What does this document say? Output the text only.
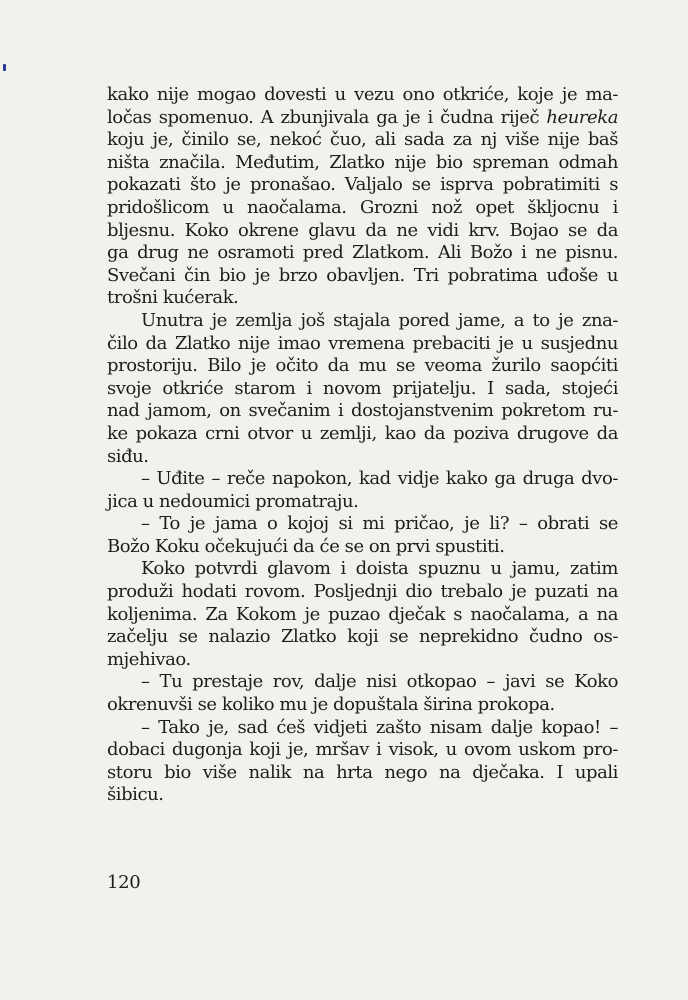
kako nije mogao dovesti u vezu ono otkriće, koje je ma-
ločas spomenuo. A zbunjivala ga je i čudna riječ heureka
koju je, činilo se, nekoć čuo, ali sada za nj više nije baš
ništa značila. Međutim, Zlatko nije bio spreman odmah
pokazati što je pronašao. Valjalo se isprva pobratimiti s
pridošlicom u naočalama. Grozni nož opet škljocnu i
bljesnu. Koko okrene glavu da ne vidi krv. Bojao se da
ga drug ne osramoti pred Zlatkom. Ali Božo i ne pisnu.
Svečani čin bio je brzo obavljen. Tri pobratima uđoše u
trošni kućerak.
Unutra je zemlja još stajala pored jame, a to je zna-
čilo da Zlatko nije imao vremena prebaciti je u susjednu
prostoriju. Bilo je očito da mu se veoma žurilo saopćiti
svoje otkriće starom i novom prijatelju. I sada, stojeći
nad jamom, on svečanim i dostojanstvenim pokretom ru-
ke pokaza crni otvor u zemlji, kao da poziva drugove da
siđu.
– Uđite – reče napokon, kad vidje kako ga druga dvo-
jica u nedoumici promatraju.
– To je jama o kojoj si mi pričao, je li? – obrati se
Božo Koku očekujući da će se on prvi spustiti.
Koko potvrdi glavom i doista spuznu u jamu, zatim
produži hodati rovom. Posljednji dio trebalo je puzati na
koljenima. Za Kokom je puzao dječak s naočalama, a na
začelju se nalazio Zlatko koji se neprekidno čudno os-
mjehivao.
– Tu prestaje rov, dalje nisi otkopao – javi se Koko
okrenuvši se koliko mu je dopuštala širina prokopa.
– Tako je, sad ćeš vidjeti zašto nisam dalje kopao! –
dobaci dugonja koji je, mršav i visok, u ovom uskom pro-
storu bio više nalik na hrta nego na dječaka. I upali
šibicu.
120
